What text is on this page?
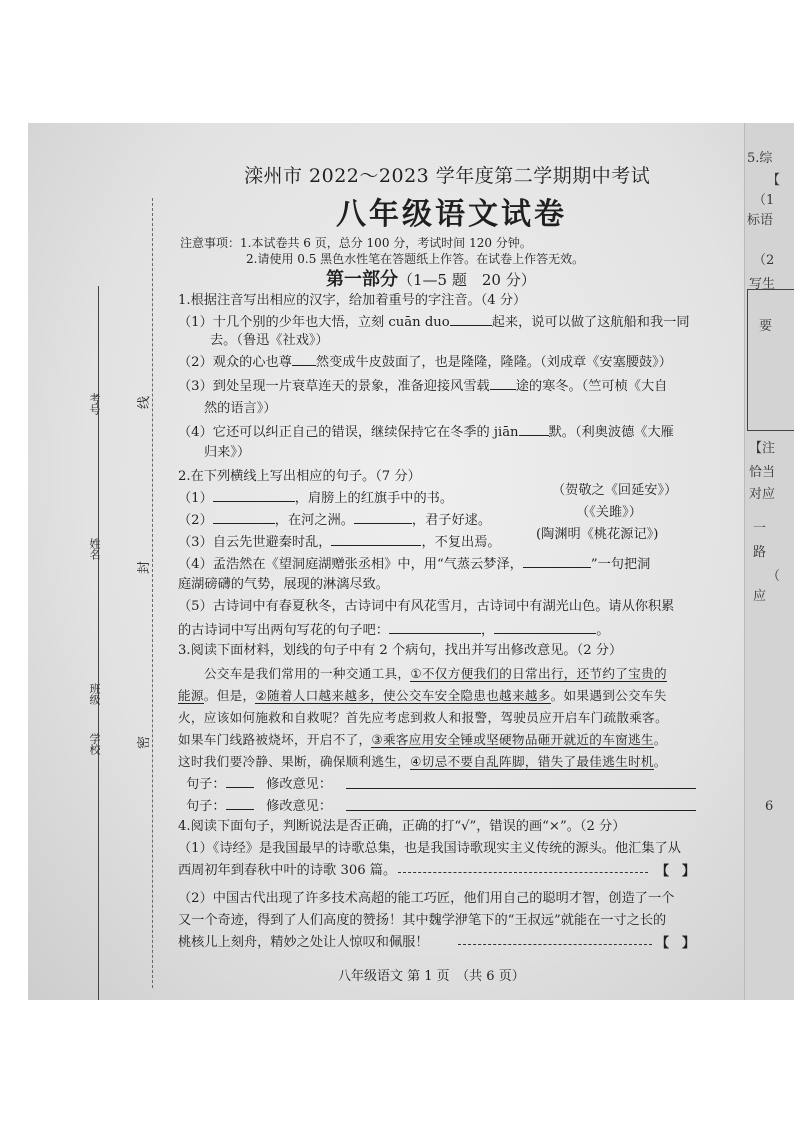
考号
姓名
学校
班级
线
封
密
滦州市 2022～2023 学年度第二学期期中考试
八年级语文试卷
注意事项：1.本试卷共 6 页，总分 100 分，考试时间 120 分钟。
2.请使用 0.5 黑色水性笔在答题纸上作答。在试卷上作答无效。
第一部分（1—5 题　20 分）
1.根据注音写出相应的汉字，给加着重号的字注音。（4 分）
（1）十几个别的少年也大悟，立刻 cuān duo	起来，说可以做了这航船和我一同
去。（鲁迅《社戏》）
（2）观众的心也尊 然变成牛皮鼓面了，也是隆隆，隆隆。（刘成章《安塞腰鼓》）
（3）到处呈现一片衰草连天的景象，准备迎接风雪载 途的寒冬。（竺可桢《大自
然的语言》）
（4）它还可以纠正自己的错误，继续保持它在冬季的 jiān 默。（利奥波德《大雁
归来》）
2.在下列横线上写出相应的句子。（7 分）
（1）	，肩膀上的红旗手中的书。
（贺敬之《回延安》）
（2）	，在河之洲。	，君子好逑。
（《关雎》）
（3）自云先世避秦时乱，	，不复出焉。
(陶渊明《桃花源记》)
（4）孟浩然在《望洞庭湖赠张丞相》中，用“气蒸云梦泽，	”一句把洞
庭湖磅礴的气势，展现的淋漓尽致。
（5）古诗词中有春夏秋冬，古诗词中有风花雪月，古诗词中有湖光山色。请从你积累
的古诗词中写出两句写花的句子吧：	，	。
3.阅读下面材料，划线的句子中有 2 个病句，找出并写出修改意见。（2 分）
公交车是我们常用的一种交通工具，①不仅方便我们的日常出行，还节约了宝贵的
能源。但是，②随着人口越来越多，使公交车安全隐患也越来越多。如果遇到公交车失
火，应该如何施救和自救呢？首先应考虑到救人和报警，驾驶员应开启车门疏散乘客。
如果车门线路被烧坏，开启不了，③乘客应用安全锤或坚硬物品砸开就近的车窗逃生。
这时我们要冷静、果断，确保顺利逃生，④切忌不要自乱阵脚，错失了最佳逃生时机。
句子：	修改意见：
句子：	修改意见：
4.阅读下面句子，判断说法是否正确，正确的打“√”，错误的画“×”。（2 分）
（1）《诗经》是我国最早的诗歌总集，也是我国诗歌现实主义传统的源头。他汇集了从
西周初年到春秋中叶的诗歌 306 篇。	【　】
（2）中国古代出现了许多技术高超的能工巧匠，他们用自己的聪明才智，创造了一个
又一个奇迹，得到了人们高度的赞扬！其中魏学洢笔下的“王叔远”就能在一寸之长的
桃核儿上刻舟，精妙之处让人惊叹和佩服！	【　】
八年级语文 第 1 页　（共 6 页）
5.综
【
（1
标语
（2
写生
要
【注
恰当
对应
一
路
（
应
6
